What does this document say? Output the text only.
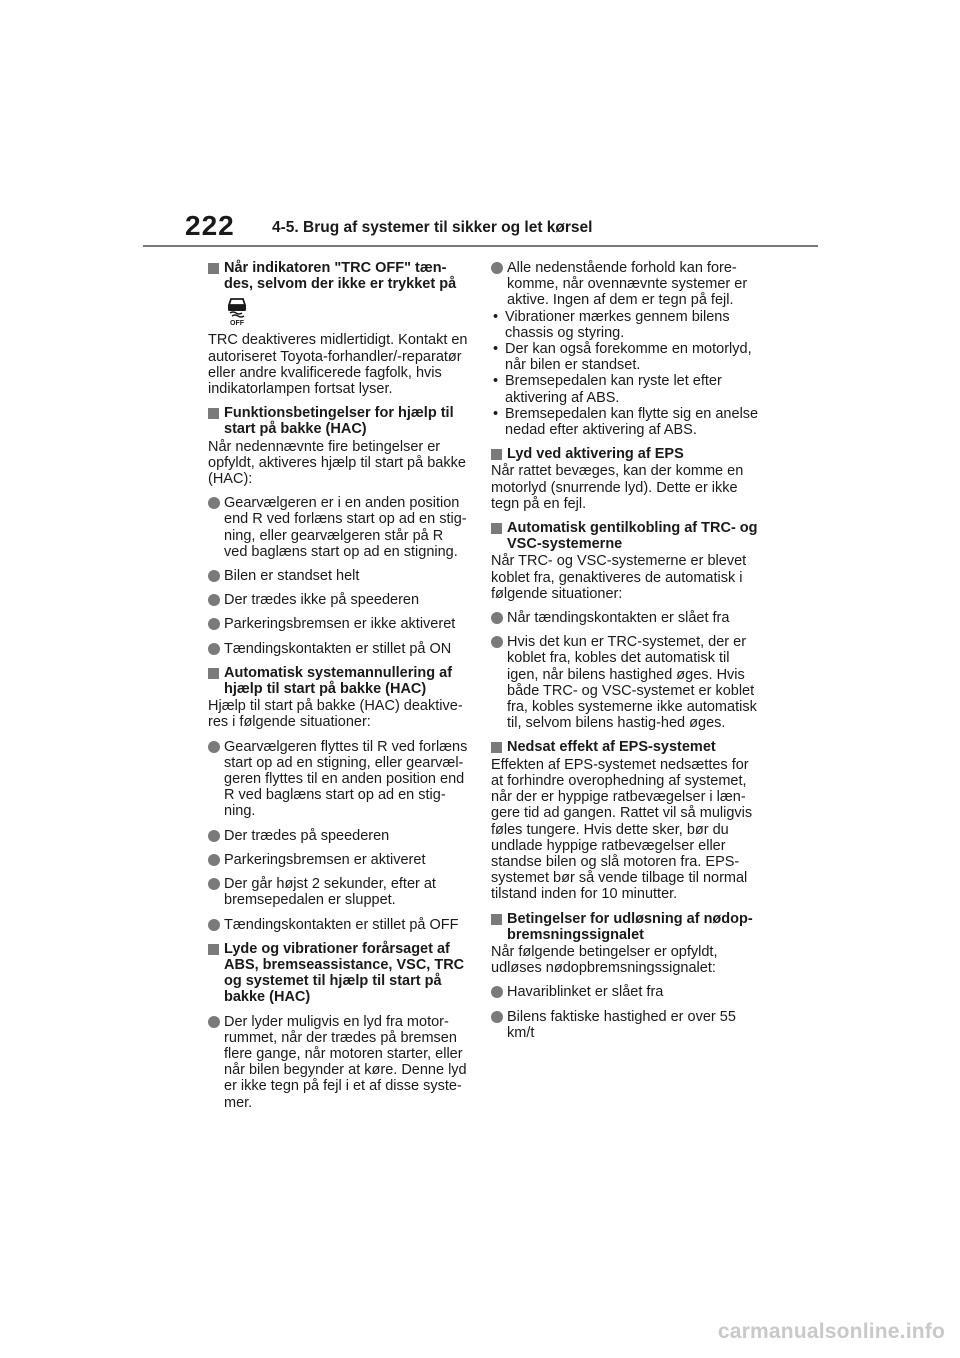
222 4-5. Brug af systemer til sikker og let kørsel
Når indikatoren "TRC OFF" tæn-des, selvom der ikke er trykket på
OFF
TRC deaktiveres midlertidigt. Kontakt en autoriseret Toyota-forhandler/-reparatør eller andre kvalificerede fagfolk, hvis indikatorlampen fortsat lyser.
Funktionsbetingelser for hjælp til start på bakke (HAC)
Når nedennævnte fire betingelser er opfyldt, aktiveres hjælp til start på bakke (HAC):
Gearvælgeren er i en anden position end R ved forlæns start op ad en stig-ning, eller gearvælgeren står på R ved baglæns start op ad en stigning.
Bilen er standset helt
Der trædes ikke på speederen
Parkeringsbremsen er ikke aktiveret
Tændingskontakten er stillet på ON
Automatisk systemannullering af hjælp til start på bakke (HAC)
Hjælp til start på bakke (HAC) deaktive-res i følgende situationer:
Gearvælgeren flyttes til R ved forlæns start op ad en stigning, eller gearvæl-geren flyttes til en anden position end R ved baglæns start op ad en stig-ning.
Der trædes på speederen
Parkeringsbremsen er aktiveret
Der går højst 2 sekunder, efter at bremsepedalen er sluppet.
Tændingskontakten er stillet på OFF
Lyde og vibrationer forårsaget af ABS, bremseassistance, VSC, TRC og systemet til hjælp til start på bakke (HAC)
Der lyder muligvis en lyd fra motor-rummet, når der trædes på bremsen flere gange, når motoren starter, eller når bilen begynder at køre. Denne lyd er ikke tegn på fejl i et af disse syste-mer.
Alle nedenstående forhold kan fore-komme, når ovennævnte systemer er aktive. Ingen af dem er tegn på fejl.
• Vibrationer mærkes gennem bilens chassis og styring.
• Der kan også forekomme en motorlyd, når bilen er standset.
• Bremsepedalen kan ryste let efter aktivering af ABS.
• Bremsepedalen kan flytte sig en anelse nedad efter aktivering af ABS.
Lyd ved aktivering af EPS
Når rattet bevæges, kan der komme en motorlyd (snurrende lyd). Dette er ikke tegn på en fejl.
Automatisk gentilkobling af TRC- og VSC-systemerne
Når TRC- og VSC-systemerne er blevet koblet fra, genaktiveres de automatisk i følgende situationer:
Når tændingskontakten er slået fra
Hvis det kun er TRC-systemet, der er koblet fra, kobles det automatisk til igen, når bilens hastighed øges. Hvis både TRC- og VSC-systemet er koblet fra, kobles systemerne ikke automatisk til, selvom bilens hastig-hed øges.
Nedsat effekt af EPS-systemet
Effekten af EPS-systemet nedsættes for at forhindre overophedning af systemet, når der er hyppige ratbevægelser i læn-gere tid ad gangen. Rattet vil så muligvis føles tungere. Hvis dette sker, bør du undlade hyppige ratbevægelser eller standse bilen og slå motoren fra. EPS-systemet bør så vende tilbage til normal tilstand inden for 10 minutter.
Betingelser for udløsning af nødop-bremsningssignalet
Når følgende betingelser er opfyldt, udløses nødopbremsningssignalet:
Havariblinket er slået fra
Bilens faktiske hastighed er over 55 km/t
carmanualsonline.info
